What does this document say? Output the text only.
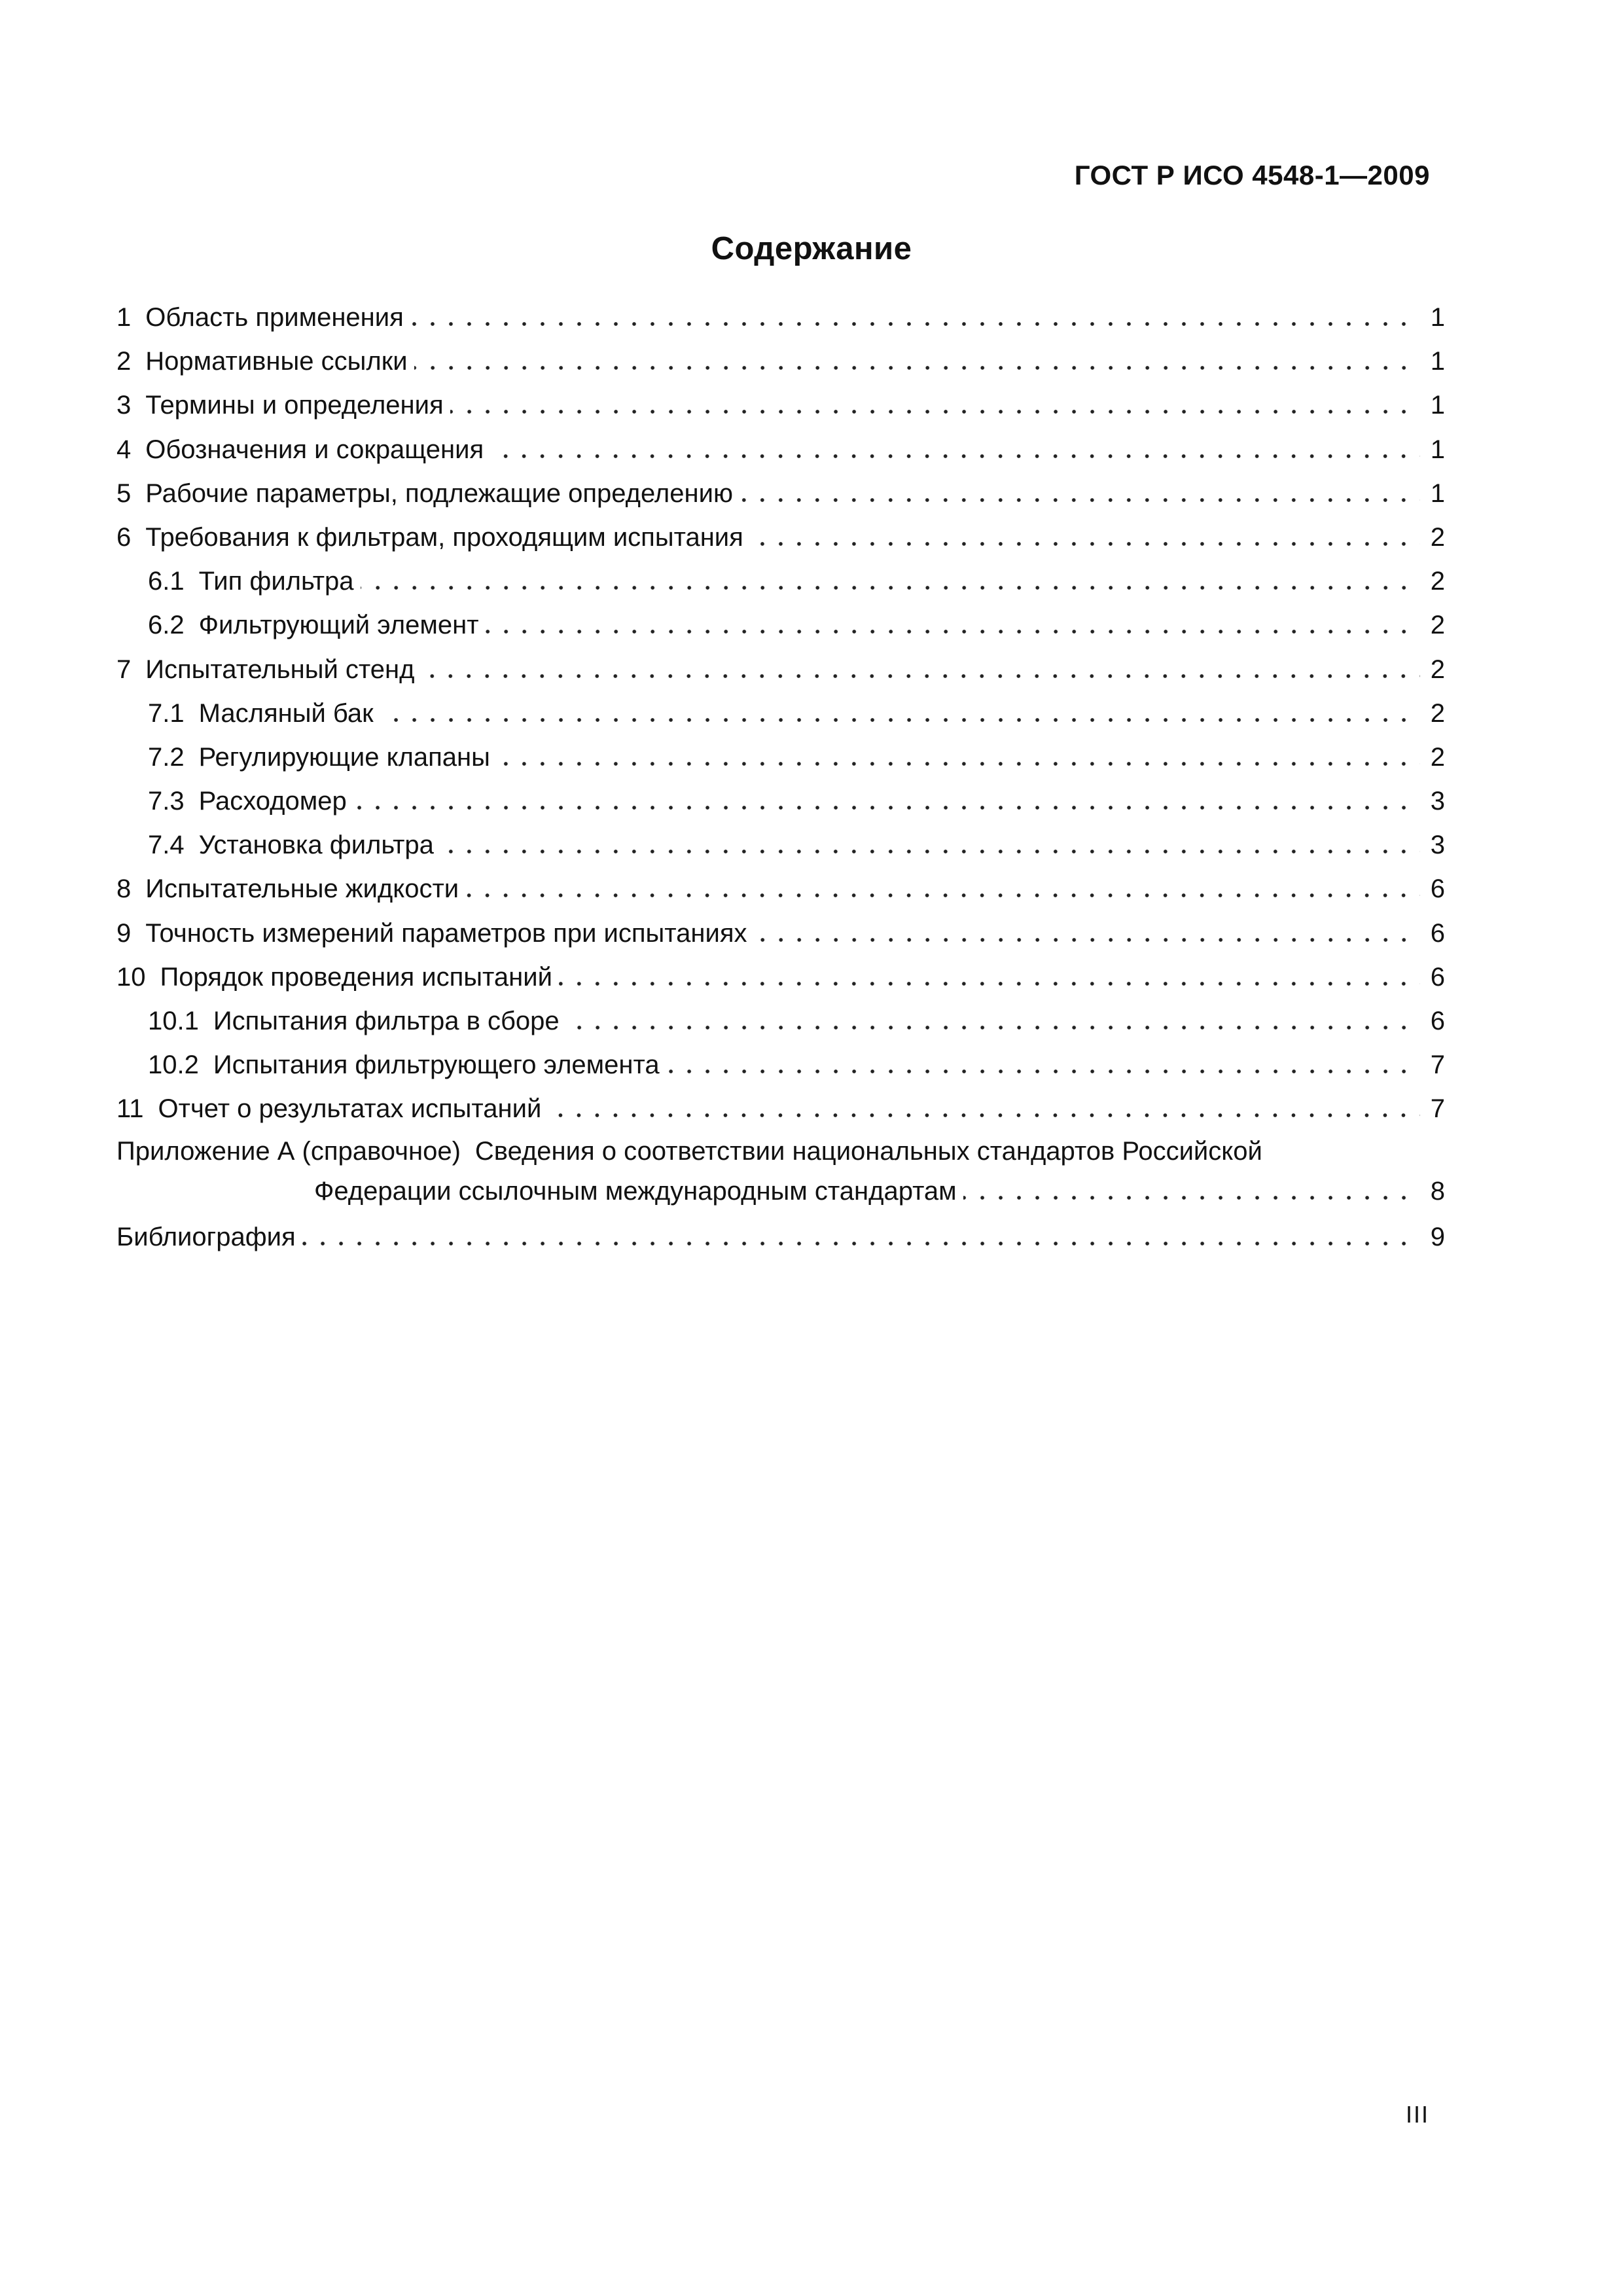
ГОСТ Р ИСО 4548-1—2009
Содержание
1 Область применения	1
2 Нормативные ссылки	1
3 Термины и определения	1
4 Обозначения и сокращения	1
5 Рабочие параметры, подлежащие определению	1
6 Требования к фильтрам, проходящим испытания	2
6.1 Тип фильтра	2
6.2 Фильтрующий элемент	2
7 Испытательный стенд	2
7.1 Масляный бак	2
7.2 Регулирующие клапаны	2
7.3 Расходомер	3
7.4 Установка фильтра	3
8 Испытательные жидкости	6
9 Точность измерений параметров при испытаниях	6
10 Порядок проведения испытаний	6
10.1 Испытания фильтра в сборе	6
10.2 Испытания фильтрующего элемента	7
11 Отчет о результатах испытаний	7
Приложение А (справочное) Сведения о соответствии национальных стандартов Российской
Федерации ссылочным международным стандартам	8
Библиография	9
III
